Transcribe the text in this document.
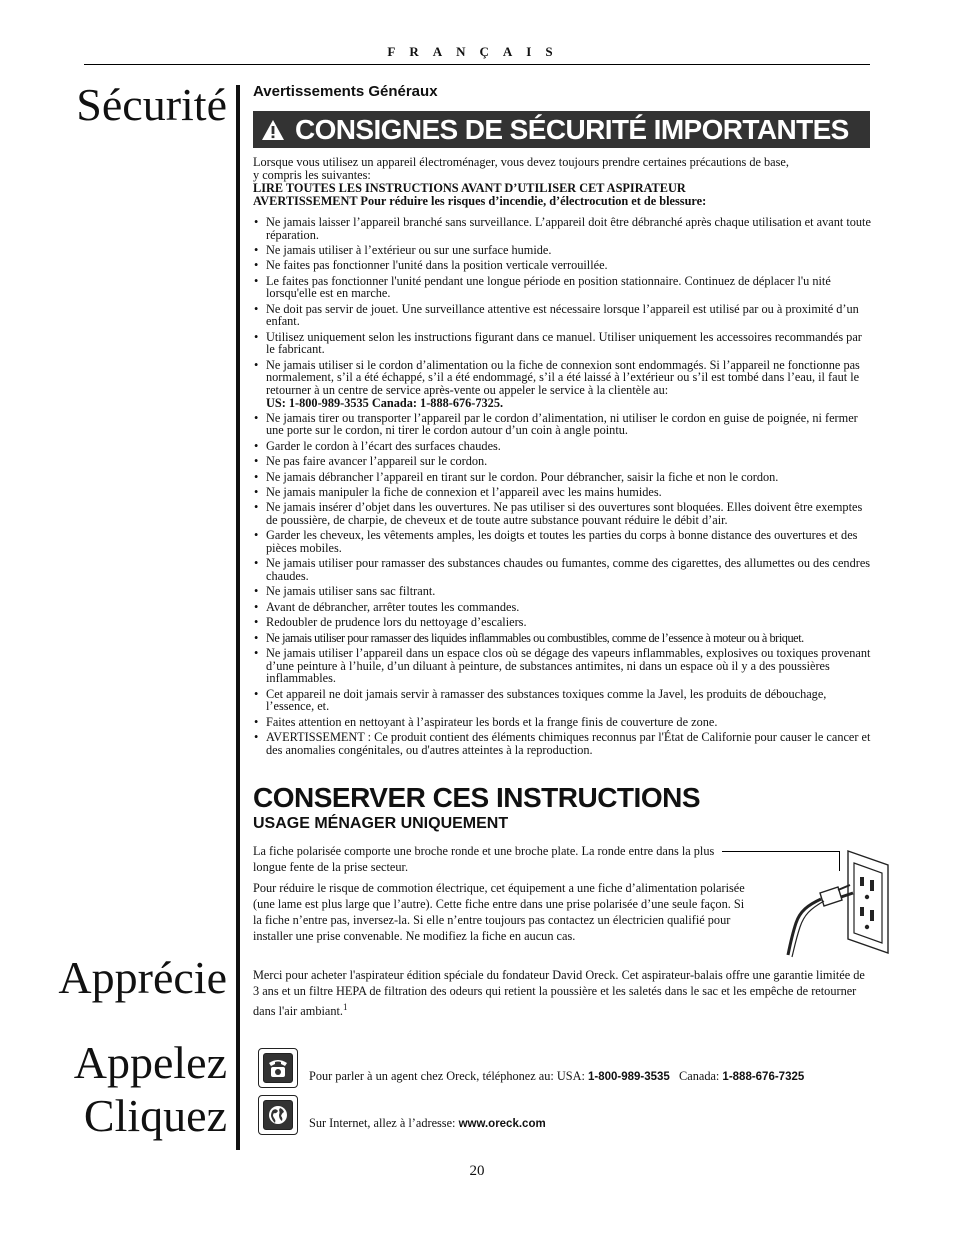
FRANÇAIS
Sécurité
Apprécie
Appelez
Cliquez
Avertissements Généraux
CONSIGNES DE SÉCURITÉ IMPORTANTES
Lorsque vous utilisez un appareil électroménager, vous devez toujours prendre certaines précautions de base,
y compris les suivantes:
LIRE TOUTES LES INSTRUCTIONS AVANT D’UTILISER CET ASPIRATEUR
AVERTISSEMENT Pour réduire les risques d’incendie, d’électrocution et de blessure:
• Ne jamais laisser l’appareil branché sans surveillance. L’appareil doit être débranché après chaque utilisation et avant toute réparation.
• Ne jamais utiliser à l’extérieur ou sur une surface humide.
• Ne faites pas fonctionner l'unité dans la position verticale verrouillée.
• Le faites pas fonctionner l'unité pendant une longue période en position stationnaire. Continuez de déplacer l'u nité lorsqu'elle est en marche.
• Ne doit pas servir de jouet. Une surveillance attentive est nécessaire lorsque l’appareil est utilisé par ou à proximité d’un enfant.
• Utilisez uniquement selon les instructions figurant dans ce manuel. Utiliser uniquement les accessoires recommandés par le fabricant.
• Ne jamais utiliser si le cordon d’alimentation ou la fiche de connexion sont endommagés. Si l’appareil ne fonctionne pas normalement, s’il a été échappé, s’il a été endommagé, s’il a été laissé à l’extérieur ou s’il est tombé dans l’eau, il faut le retourner à un centre de service après-vente ou appeler le service à la clientèle au:
US: 1-800-989-3535 Canada: 1-888-676-7325.
• Ne jamais tirer ou transporter l’appareil par le cordon d’alimentation, ni utiliser le cordon en guise de poignée, ni fermer une porte sur le cordon, ni tirer le cordon autour d’un coin à angle pointu.
• Garder le cordon à l’écart des surfaces chaudes.
• Ne pas faire avancer l’appareil sur le cordon.
• Ne jamais débrancher l’appareil en tirant sur le cordon. Pour débrancher, saisir la fiche et non le cordon.
• Ne jamais manipuler la fiche de connexion et l’appareil avec les mains humides.
• Ne jamais insérer d’objet dans les ouvertures. Ne pas utiliser si des ouvertures sont bloquées. Elles doivent être exemptes de poussière, de charpie, de cheveux et de toute autre substance pouvant réduire le débit d’air.
• Garder les cheveux, les vêtements amples, les doigts et toutes les parties du corps à bonne distance des ouvertures et des pièces mobiles.
• Ne jamais utiliser pour ramasser des substances chaudes ou fumantes, comme des cigarettes, des allumettes ou des cendres chaudes.
• Ne jamais utiliser sans sac filtrant.
• Avant de débrancher, arrêter toutes les commandes.
• Redoubler de prudence lors du nettoyage d’escaliers.
• Ne jamais utiliser pour ramasser des liquides inflammables ou combustibles, comme de l’essence à moteur ou à briquet.
• Ne jamais utiliser l’appareil dans un espace clos où se dégage des vapeurs inflammables, explosives ou toxiques provenant d’une peinture à l’huile, d’un diluant à peinture, de substances antimites, ni dans un espace où il y a des poussières inflammables.
• Cet appareil ne doit jamais servir à ramasser des substances toxiques comme la Javel, les produits de débouchage, l’essence, et.
• Faites attention en nettoyant à l’aspirateur les bords et la frange finis de couverture de zone.
• AVERTISSEMENT : Ce produit contient des éléments chimiques reconnus par l'État de Californie pour causer le cancer et des anomalies congénitales, ou d'autres atteintes à la reproduction.
CONSERVER CES INSTRUCTIONS
USAGE MÉNAGER UNIQUEMENT
La fiche polarisée comporte une broche ronde et une broche plate. La ronde entre dans la plus longue fente de la prise secteur.
Pour réduire le risque de commotion électrique, cet équipement a une fiche d’alimentation polarisée (une lame est plus large que l’autre). Cette fiche entre dans une prise polarisée d’une seule façon. Si la fiche n’entre pas, inversez-la. Si elle n’entre toujours pas contactez un électricien qualifié pour installer une prise convenable. Ne modifiez la fiche en aucun cas.
Merci pour acheter l'aspirateur édition spéciale du fondateur David Oreck. Cet aspirateur-balais offre une garantie limitée de 3 ans et un filtre HEPA de filtration des odeurs qui retient la poussière et les saletés dans le sac et les empêche de retourner dans l'air ambiant.$^1$
Pour parler à un agent chez Oreck, téléphonez au: USA: 1-800-989-3535 Canada: 1-888-676-7325
Sur Internet, allez à l’adresse: www.oreck.com
20
